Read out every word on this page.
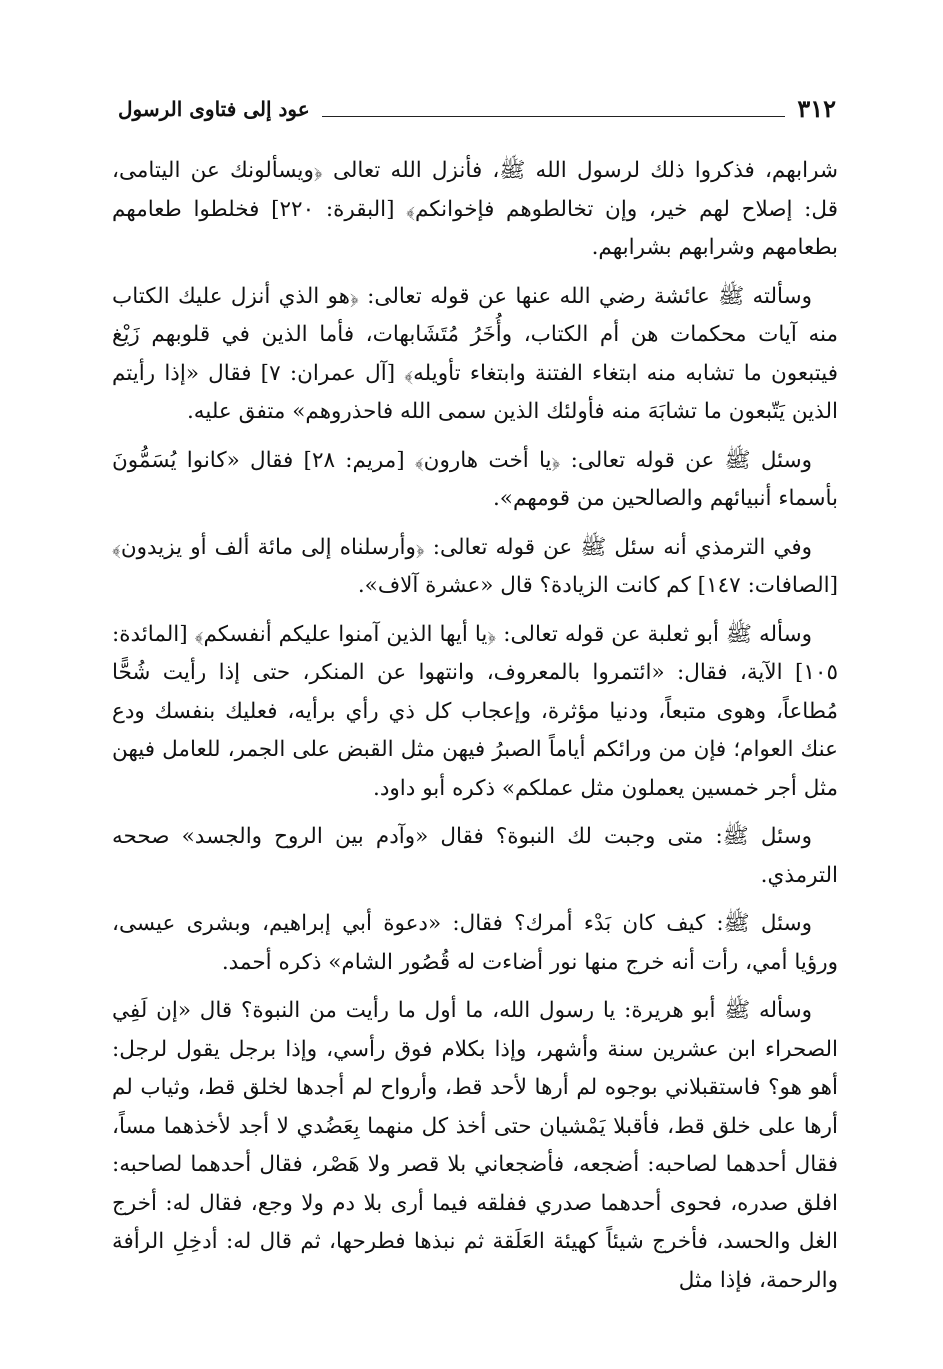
٣١٢
عود إلى فتاوى الرسول

شرابهم، فذكروا ذلك لرسول الله ﷺ، فأنزل الله تعالى ﴿ويسألونك عن اليتامى، قل: إصلاح لهم خير، وإن تخالطوهم فإخوانكم﴾ [البقرة: ٢٢٠] فخلطوا طعامهم بطعامهم وشرابهم بشرابهم.

وسألته ﷺ عائشة رضي الله عنها عن قوله تعالى: ﴿هو الذي أنزل عليك الكتاب منه آيات محكمات هن أم الكتاب، وأُخَرُ مُتَشَابهات، فأما الذين في قلوبهم زَيْغ فيتبعون ما تشابه منه ابتغاء الفتنة وابتغاء تأويله﴾ [آل عمران: ٧] فقال «إذا رأيتم الذين يَتّبعون ما تشابَهَ منه فأولئك الذين سمى الله فاحذروهم» متفق عليه.

وسئل ﷺ عن قوله تعالى: ﴿يا أخت هارون﴾ [مريم: ٢٨] فقال «كانوا يُسَمُّونَ بأسماء أنبيائهم والصالحين من قومهم».

وفي الترمذي أنه سئل ﷺ عن قوله تعالى: ﴿وأرسلناه إلى مائة ألف أو يزيدون﴾ [الصافات: ١٤٧] كم كانت الزيادة؟ قال «عشرة آلاف».

وسأله ﷺ أبو ثعلبة عن قوله تعالى: ﴿يا أيها الذين آمنوا عليكم أنفسكم﴾ [المائدة: ١٠٥] الآية، فقال: «ائتمروا بالمعروف، وانتهوا عن المنكر، حتى إذا رأيت شُحًّا مُطاعاً، وهوى متبعاً، ودنيا مؤثرة، وإعجاب كل ذي رأي برأيه، فعليك بنفسك ودع عنك العوام؛ فإن من ورائكم أياماً الصبرُ فيهن مثل القبض على الجمر، للعامل فيهن مثل أجر خمسين يعملون مثل عملكم» ذكره أبو داود.

وسئل ﷺ: متى وجبت لك النبوة؟ فقال «وآدم بين الروح والجسد» صححه الترمذي.

وسئل ﷺ: كيف كان بَدْء أمرك؟ فقال: «دعوة أبي إبراهيم، وبشرى عيسى، ورؤيا أمي، رأت أنه خرج منها نور أضاءت له قُصُور الشام» ذكره أحمد.

وسأله ﷺ أبو هريرة: يا رسول الله، ما أول ما رأيت من النبوة؟ قال «إن لَفِي الصحراء ابن عشرين سنة وأشهر، وإذا بكلام فوق رأسي، وإذا برجل يقول لرجل: أهو هو؟ فاستقبلاني بوجوه لم أرها لأحد قط، وأرواح لم أجدها لخلق قط، وثياب لم أرها على خلق قط، فأقبلا يَمْشيان حتى أخذ كل منهما بِعَضُدي لا أجد لأخذهما مساً، فقال أحدهما لصاحبه: أضجعه، فأضجعاني بلا قصر ولا هَصْر، فقال أحدهما لصاحبه: افلق صدره، فحوى أحدهما صدري ففلقه فيما أرى بلا دم ولا وجع، فقال له: أخرج الغل والحسد، فأخرج شيئاً كهيئة العَلَقة ثم نبذها فطرحها، ثم قال له: أدخِلِ الرأفة والرحمة، فإذا مثل
